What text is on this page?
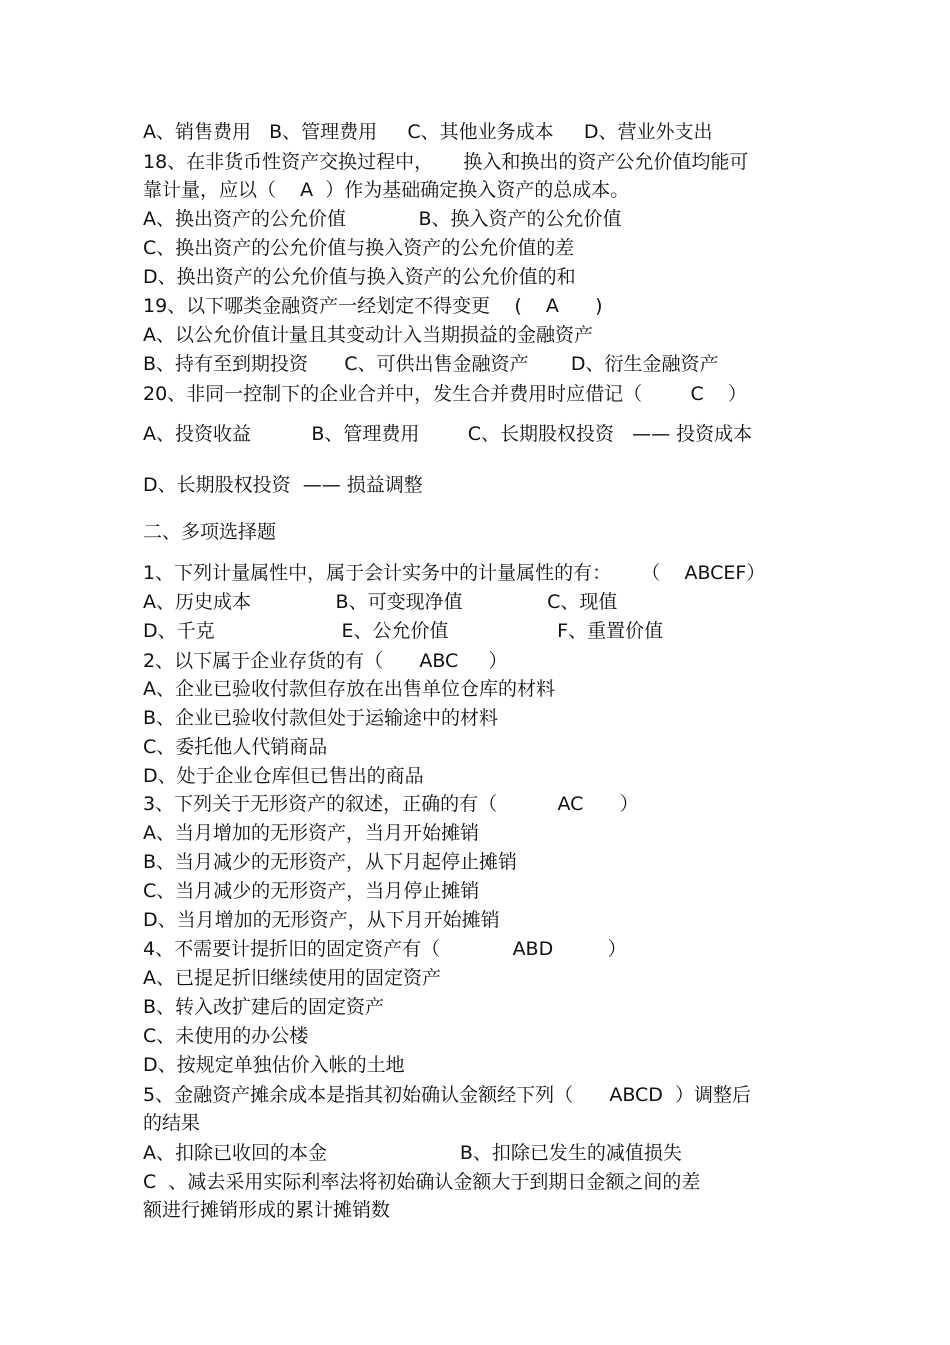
A、销售费用   B、管理费用     C、其他业务成本     D、营业外支出
18、在非货币性资产交换过程中，     换入和换出的资产公允价值均能可
靠计量，应以（    A  ）作为基础确定换入资产的总成本。
A、换出资产的公允价值            B、换入资产的公允价值
C、换出资产的公允价值与换入资产的公允价值的差
D、换出资产的公允价值与换入资产的公允价值的和
19、以下哪类金融资产一经划定不得变更    (    A      )
A、以公允价值计量且其变动计入当期损益的金融资产
B、持有至到期投资      C、可供出售金融资产       D、衍生金融资产
20、非同一控制下的企业合并中，发生合并费用时应借记（        C    ）
A、投资收益          B、管理费用        C、长期股权投资   —— 投资成本
D、长期股权投资  —— 损益调整
二、多项选择题
1、下列计量属性中，属于会计实务中的计量属性的有：     （    ABCEF）
A、历史成本              B、可变现净值              C、现值
D、千克                     E、公允价值                  F、重置价值
2、以下属于企业存货的有（      ABC     ）
A、企业已验收付款但存放在出售单位仓库的材料
B、企业已验收付款但处于运输途中的材料
C、委托他人代销商品
D、处于企业仓库但已售出的商品
3、下列关于无形资产的叙述，正确的有（          AC      ）
A、当月增加的无形资产，当月开始摊销
B、当月减少的无形资产，从下月起停止摊销
C、当月减少的无形资产，当月停止摊销
D、当月增加的无形资产，从下月开始摊销
4、不需要计提折旧的固定资产有（            ABD         ）
A、已提足折旧继续使用的固定资产
B、转入改扩建后的固定资产
C、未使用的办公楼
D、按规定单独估价入帐的土地
5、金融资产摊余成本是指其初始确认金额经下列（      ABCD  ）调整后
的结果
A、扣除已收回的本金                      B、扣除已发生的减值损失
C  、减去采用实际利率法将初始确认金额大于到期日金额之间的差
额进行摊销形成的累计摊销数
